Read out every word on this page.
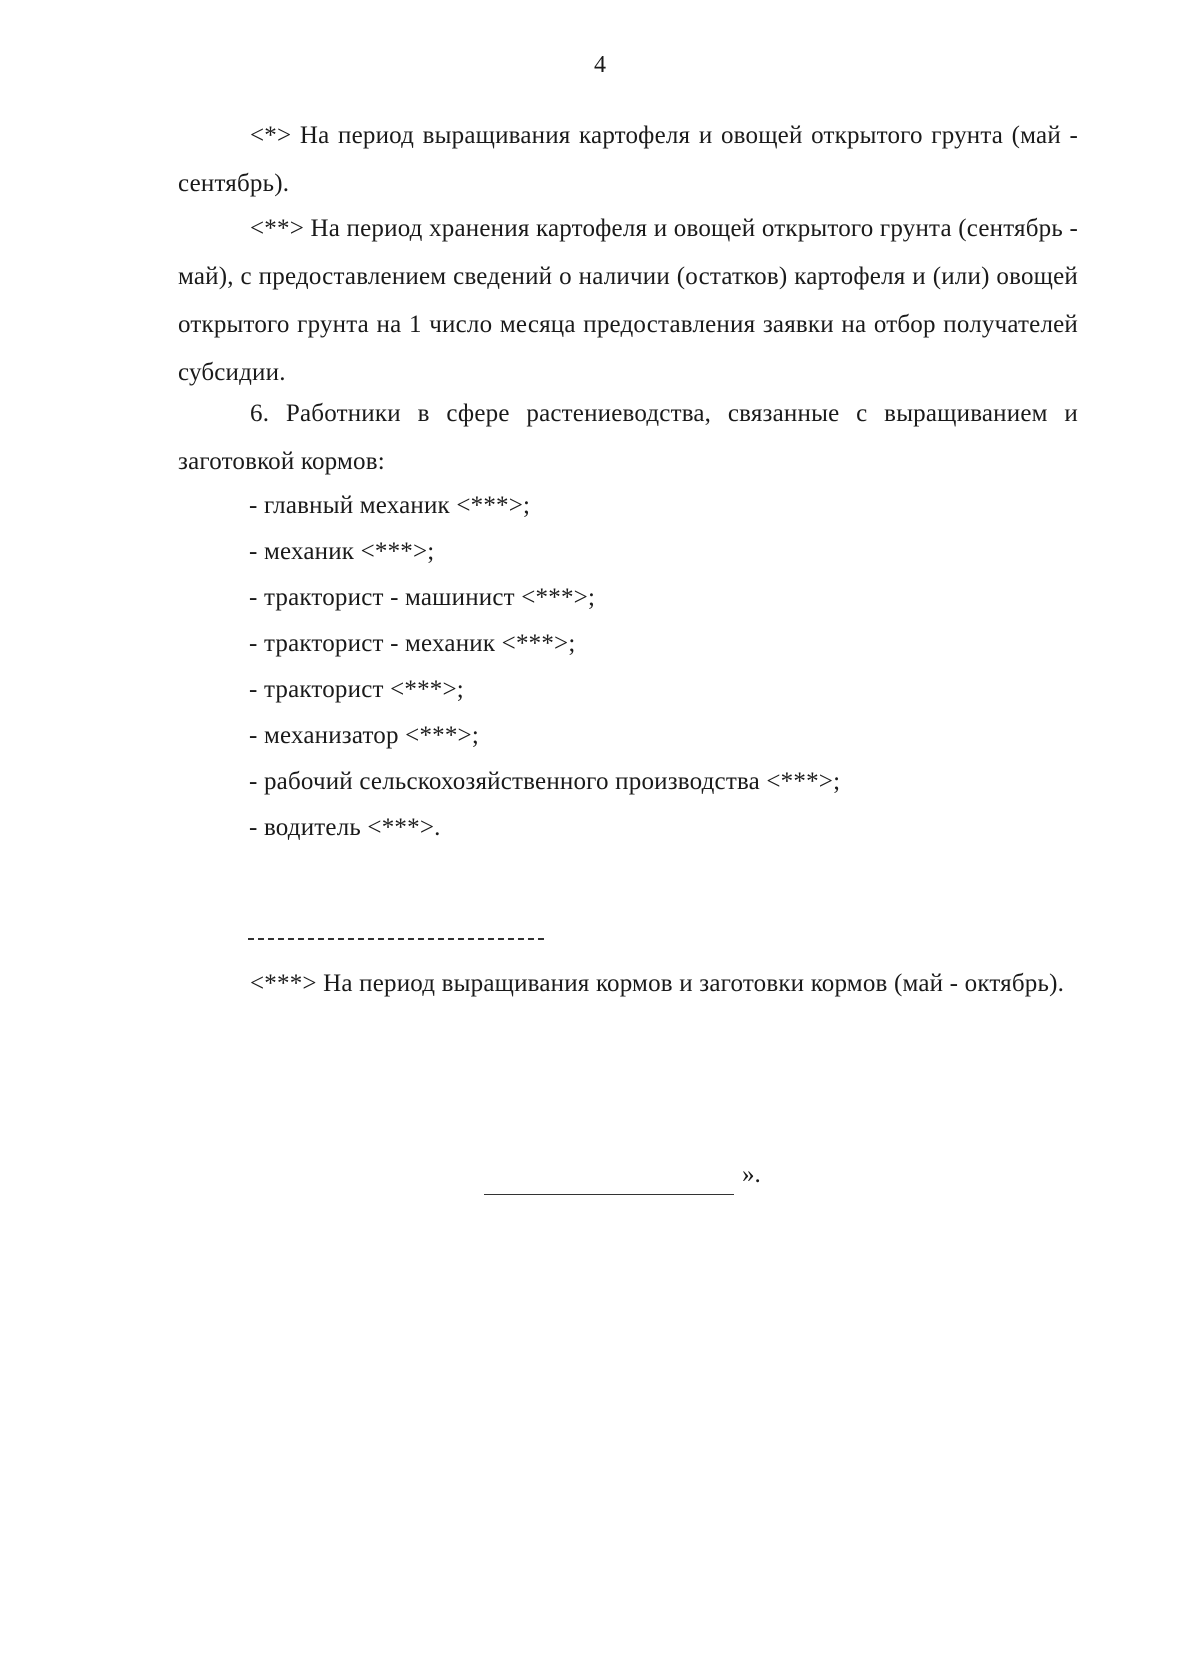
4

<*> На период выращивания картофеля и овощей открытого грунта (май - сентябрь).

<**> На период хранения картофеля и овощей открытого грунта (сентябрь - май), с предоставлением сведений о наличии (остатков) картофеля и (или) овощей открытого грунта на 1 число месяца предоставления заявки на отбор получателей субсидии.

6. Работники в сфере растениеводства, связанные с выращиванием и заготовкой кормов:

- главный механик <***>;
- механик <***>;
- тракторист - машинист <***>;
- тракторист - механик <***>;
- тракторист <***>;
- механизатор <***>;
- рабочий сельскохозяйственного производства <***>;
- водитель <***>.

<***> На период выращивания кормов и заготовки кормов (май - октябрь).

».
